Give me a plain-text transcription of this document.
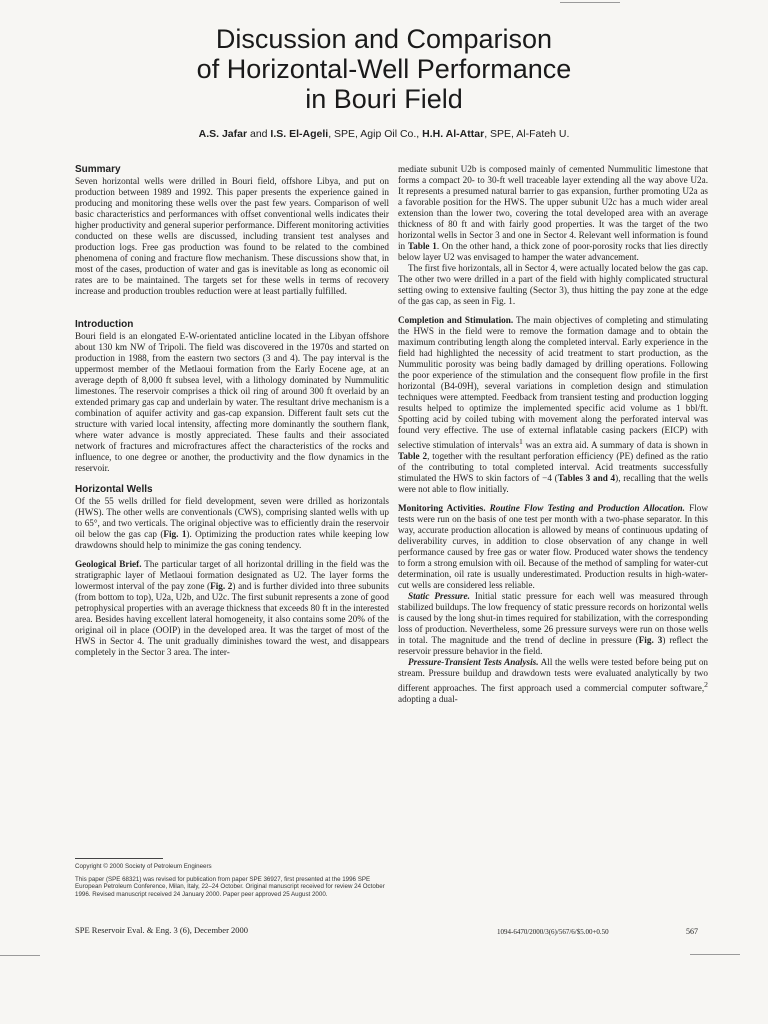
Discussion and Comparison
of Horizontal-Well Performance
in Bouri Field
A.S. Jafar and I.S. El-Ageli, SPE, Agip Oil Co., H.H. Al-Attar, SPE, Al-Fateh U.
Summary

Seven horizontal wells were drilled in Bouri field, offshore Libya, and put on production between 1989 and 1992. This paper presents the experience gained in producing and monitoring these wells over the past few years. Comparison of well basic characteristics and performances with offset conventional wells indicates their higher productivity and general superior performance. Different monitoring activities conducted on these wells are discussed, including transient test analyses and production logs. Free gas production was found to be related to the combined phenomena of coning and fracture flow mechanism. These discussions show that, in most of the cases, production of water and gas is inevitable as long as economic oil rates are to be maintained. The targets set for these wells in terms of recovery increase and production troubles reduction were at least partially fulfilled.

Introduction

Bouri field is an elongated E-W-orientated anticline located in the Libyan offshore about 130 km NW of Tripoli. The field was discovered in the 1970s and started on production in 1988, from the eastern two sectors (3 and 4). The pay interval is the uppermost member of the Metlaoui formation from the Early Eocene age, at an average depth of 8,000 ft subsea level, with a lithology dominated by Nummulitic limestones. The reservoir comprises a thick oil ring of around 300 ft overlaid by an extended primary gas cap and underlain by water. The resultant drive mechanism is a combination of aquifer activity and gas-cap expansion. Different fault sets cut the structure with varied local intensity, affecting more dominantly the southern flank, where water advance is mostly appreciated. These faults and their associated network of fractures and microfractures affect the characteristics of the rocks and influence, to one degree or another, the productivity and the flow dynamics in the reservoir.

Horizontal Wells

Of the 55 wells drilled for field development, seven were drilled as horizontals (HWS). The other wells are conventionals (CWS), comprising slanted wells with up to 65°, and two verticals. The original objective was to efficiently drain the reservoir oil below the gas cap (Fig. 1). Optimizing the production rates while keeping low drawdowns should help to minimize the gas coning tendency.

Geological Brief. The particular target of all horizontal drilling in the field was the stratigraphic layer of Metlaoui formation designated as U2. The layer forms the lowermost interval of the pay zone (Fig. 2) and is further divided into three subunits (from bottom to top), U2a, U2b, and U2c. The first subunit represents a zone of good petrophysical properties with an average thickness that exceeds 80 ft in the interested area. Besides having excellent lateral homogeneity, it also contains some 20% of the original oil in place (OOIP) in the developed area. It was the target of most of the HWS in Sector 4. The unit gradually diminishes toward the west, and disappears completely in the Sector 3 area. The inter-

mediate subunit U2b is composed mainly of cemented Nummulitic limestone that forms a compact 20- to 30-ft well traceable layer extending all the way above U2a. It represents a presumed natural barrier to gas expansion, further promoting U2a as a favorable position for the HWS. The upper subunit U2c has a much wider areal extension than the lower two, covering the total developed area with an average thickness of 80 ft and with fairly good properties. It was the target of the two horizontal wells in Sector 3 and one in Sector 4. Relevant well information is found in Table 1. On the other hand, a thick zone of poor-porosity rocks that lies directly below layer U2 was envisaged to hamper the water advancement.

The first five horizontals, all in Sector 4, were actually located below the gas cap. The other two were drilled in a part of the field with highly complicated structural setting owing to extensive faulting (Sector 3), thus hitting the pay zone at the edge of the gas cap, as seen in Fig. 1.

Completion and Stimulation. The main objectives of completing and stimulating the HWS in the field were to remove the formation damage and to obtain the maximum contributing length along the completed interval. Early experience in the field had highlighted the necessity of acid treatment to start production, as the Nummulitic porosity was being badly damaged by drilling operations. Following the poor experience of the stimulation and the consequent flow profile in the first horizontal (B4-09H), several variations in completion design and stimulation techniques were attempted. Feedback from transient testing and production logging results helped to optimize the implemented specific acid volume as 1 bbl/ft. Spotting acid by coiled tubing with movement along the perforated interval was found very effective. The use of external inflatable casing packers (EICP) with selective stimulation of intervals$^1$ was an extra aid. A summary of data is shown in Table 2, together with the resultant perforation efficiency (PE) defined as the ratio of the contributing to total completed interval. Acid treatments successfully stimulated the HWS to skin factors of −4 (Tables 3 and 4), recalling that the wells were not able to flow initially.

Monitoring Activities. Routine Flow Testing and Production Allocation. Flow tests were run on the basis of one test per month with a two-phase separator. In this way, accurate production allocation is allowed by means of continuous updating of deliverability curves, in addition to close observation of any change in well performance caused by free gas or water flow. Produced water shows the tendency to form a strong emulsion with oil. Because of the method of sampling for water-cut determination, oil rate is usually underestimated. Production results in high-water-cut wells are considered less reliable.

Static Pressure. Initial static pressure for each well was measured through stabilized buildups. The low frequency of static pressure records on horizontal wells is caused by the long shut-in times required for stabilization, with the corresponding loss of production. Nevertheless, some 26 pressure surveys were run on those wells in total. The magnitude and the trend of decline in pressure (Fig. 3) reflect the reservoir pressure behavior in the field.

Pressure-Transient Tests Analysis. All the wells were tested before being put on stream. Pressure buildup and drawdown tests were evaluated analytically by two different approaches. The first approach used a commercial computer software,$^2$ adopting a dual-

Copyright © 2000 Society of Petroleum Engineers

This paper (SPE 68321) was revised for publication from paper SPE 36927, first presented at the 1996 SPE European Petroleum Conference, Milan, Italy, 22–24 October. Original manuscript received for review 24 October 1996. Revised manuscript received 24 January 2000. Paper peer approved 25 August 2000.

SPE Reservoir Eval. & Eng. 3 (6), December 2000	1094-6470/2000/3(6)/567/6/$5.00+0.50	567
